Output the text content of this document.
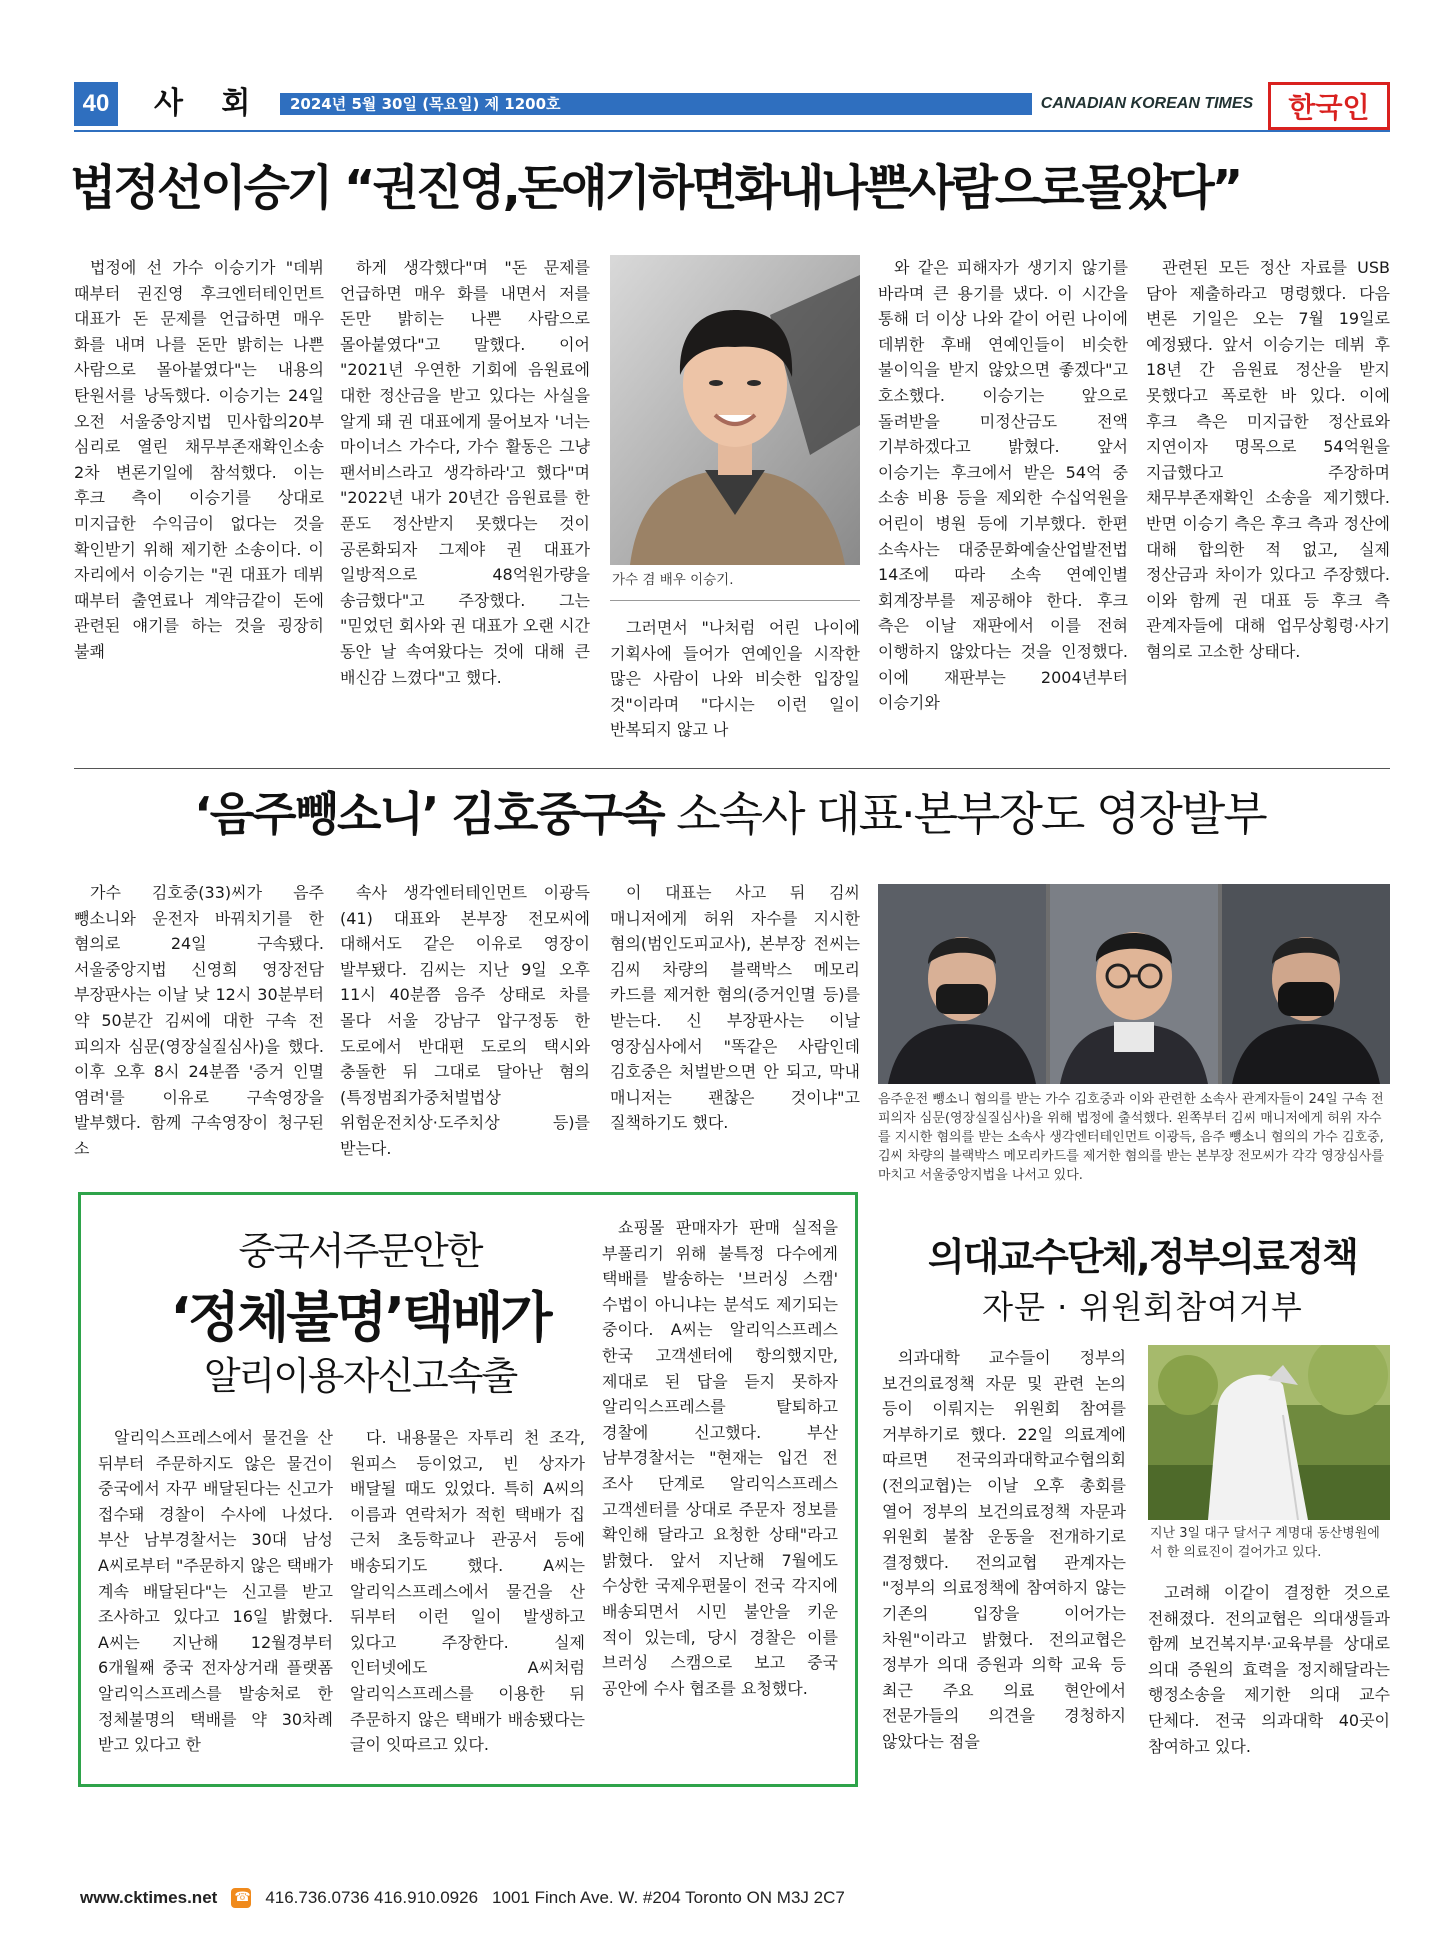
40 사 회	2024년 5월 30일 (목요일) 제 1200호	CANADIAN KOREAN TIMES	한국인
법정선이승기 “권진영,돈얘기하면화내나쁜사람으로몰았다”
법정에 선 가수 이승기가 "데뷔 때부터 권진영 후크엔터테인먼트 대표가 돈 문제를 언급하면 매우 화를 내며 나를 돈만 밝히는 나쁜 사람으로 몰아붙였다"는 내용의 탄원서를 낭독했다. 이승기는 24일 오전 서울중앙지법 민사합의20부 심리로 열린 채무부존재확인소송 2차 변론기일에 참석했다. 이는 후크 측이 이승기를 상대로 미지급한 수익금이 없다는 것을 확인받기 위해 제기한 소송이다. 이 자리에서 이승기는 "권 대표가 데뷔 때부터 출연료나 계약금같이 돈에 관련된 얘기를 하는 것을 굉장히 불쾌
하게 생각했다"며 "돈 문제를 언급하면 매우 화를 내면서 저를 돈만 밝히는 나쁜 사람으로 몰아붙였다"고 말했다. 이어 "2021년 우연한 기회에 음원료에 대한 정산금을 받고 있다는 사실을 알게 돼 권 대표에게 물어보자 '너는 마이너스 가수다, 가수 활동은 그냥 팬서비스라고 생각하라'고 했다"며 "2022년 내가 20년간 음원료를 한 푼도 정산받지 못했다는 것이 공론화되자 그제야 권 대표가 일방적으로 48억원가량을 송금했다"고 주장했다. 그는 "믿었던 회사와 권 대표가 오랜 시간 동안 날 속여왔다는 것에 대해 큰 배신감 느꼈다"고 했다.
가수 겸 배우 이승기.
그러면서 "나처럼 어린 나이에 기획사에 들어가 연예인을 시작한 많은 사람이 나와 비슷한 입장일 것"이라며 "다시는 이런 일이 반복되지 않고 나
와 같은 피해자가 생기지 않기를 바라며 큰 용기를 냈다. 이 시간을 통해 더 이상 나와 같이 어린 나이에 데뷔한 후배 연예인들이 비슷한 불이익을 받지 않았으면 좋겠다"고 호소했다. 이승기는 앞으로 돌려받을 미정산금도 전액 기부하겠다고 밝혔다. 앞서 이승기는 후크에서 받은 54억 중 소송 비용 등을 제외한 수십억원을 어린이 병원 등에 기부했다. 한편 소속사는 대중문화예술산업발전법 14조에 따라 소속 연예인별 회계장부를 제공해야 한다. 후크 측은 이날 재판에서 이를 전혀 이행하지 않았다는 것을 인정했다. 이에 재판부는 2004년부터 이승기와
관련된 모든 정산 자료를 USB 담아 제출하라고 명령했다. 다음 변론 기일은 오는 7월 19일로 예정됐다. 앞서 이승기는 데뷔 후 18년 간 음원료 정산을 받지 못했다고 폭로한 바 있다. 이에 후크 측은 미지급한 정산료와 지연이자 명목으로 54억원을 지급했다고 주장하며 채무부존재확인 소송을 제기했다. 반면 이승기 측은 후크 측과 정산에 대해 합의한 적 없고, 실제 정산금과 차이가 있다고 주장했다. 이와 함께 권 대표 등 후크 측 관계자들에 대해 업무상횡령·사기 혐의로 고소한 상태다.
‘음주뺑소니’ 김호중구속 소속사 대표·본부장도 영장발부
가수 김호중(33)씨가 음주 뺑소니와 운전자 바꿔치기를 한 혐의로 24일 구속됐다. 서울중앙지법 신영희 영장전담 부장판사는 이날 낮 12시 30분부터 약 50분간 김씨에 대한 구속 전 피의자 심문(영장실질심사)을 했다. 이후 오후 8시 24분쯤 '증거 인멸 염려'를 이유로 구속영장을 발부했다. 함께 구속영장이 청구된 소
속사 생각엔터테인먼트 이광득(41) 대표와 본부장 전모씨에 대해서도 같은 이유로 영장이 발부됐다. 김씨는 지난 9일 오후 11시 40분쯤 음주 상태로 차를 몰다 서울 강남구 압구정동 한 도로에서 반대편 도로의 택시와 충돌한 뒤 그대로 달아난 혐의(특정범죄가중처벌법상 위험운전치상·도주치상 등)를 받는다.
이 대표는 사고 뒤 김씨 매니저에게 허위 자수를 지시한 혐의(범인도피교사), 본부장 전씨는 김씨 차량의 블랙박스 메모리 카드를 제거한 혐의(증거인멸 등)를 받는다. 신 부장판사는 이날 영장심사에서 "똑같은 사람인데 김호중은 처벌받으면 안 되고, 막내 매니저는 괜찮은 것이냐"고 질책하기도 했다.
음주운전 뺑소니 혐의를 받는 가수 김호중과 이와 관련한 소속사 관계자들이 24일 구속 전 피의자 심문(영장실질심사)을 위해 법정에 출석했다. 왼쪽부터 김씨 매니저에게 허위 자수를 지시한 혐의를 받는 소속사 생각엔터테인먼트 이광득, 음주 뺑소니 혐의의 가수 김호중, 김씨 차량의 블랙박스 메모리카드를 제거한 혐의를 받는 본부장 전모씨가 각각 영장심사를 마치고 서울중앙지법을 나서고 있다.
중국서주문안한
‘정체불명’택배가
알리이용자신고속출
알리익스프레스에서 물건을 산 뒤부터 주문하지도 않은 물건이 중국에서 자꾸 배달된다는 신고가 접수돼 경찰이 수사에 나섰다. 부산 남부경찰서는 30대 남성 A씨로부터 "주문하지 않은 택배가 계속 배달된다"는 신고를 받고 조사하고 있다고 16일 밝혔다. A씨는 지난해 12월경부터 6개월째 중국 전자상거래 플랫폼 알리익스프레스를 발송처로 한 정체불명의 택배를 약 30차례 받고 있다고 한
다. 내용물은 자투리 천 조각, 원피스 등이었고, 빈 상자가 배달될 때도 있었다. 특히 A씨의 이름과 연락처가 적힌 택배가 집 근처 초등학교나 관공서 등에 배송되기도 했다. A씨는 알리익스프레스에서 물건을 산 뒤부터 이런 일이 발생하고 있다고 주장한다. 실제 인터넷에도 A씨처럼 알리익스프레스를 이용한 뒤 주문하지 않은 택배가 배송됐다는 글이 잇따르고 있다.
쇼핑몰 판매자가 판매 실적을 부풀리기 위해 불특정 다수에게 택배를 발송하는 '브러싱 스캠' 수법이 아니냐는 분석도 제기되는 중이다. A씨는 알리익스프레스 한국 고객센터에 항의했지만, 제대로 된 답을 듣지 못하자 알리익스프레스를 탈퇴하고 경찰에 신고했다. 부산 남부경찰서는 "현재는 입건 전 조사 단계로 알리익스프레스 고객센터를 상대로 주문자 정보를 확인해 달라고 요청한 상태"라고 밝혔다. 앞서 지난해 7월에도 수상한 국제우편물이 전국 각지에 배송되면서 시민 불안을 키운 적이 있는데, 당시 경찰은 이를 브러싱 스캠으로 보고 중국 공안에 수사 협조를 요청했다.
의대교수단체,정부의료정책
자문 · 위원회참여거부
의과대학 교수들이 정부의 보건의료정책 자문 및 관련 논의 등이 이뤄지는 위원회 참여를 거부하기로 했다. 22일 의료계에 따르면 전국의과대학교수협의회(전의교협)는 이날 오후 총회를 열어 정부의 보건의료정책 자문과 위원회 불참 운동을 전개하기로 결정했다. 전의교협 관계자는 "정부의 의료정책에 참여하지 않는 기존의 입장을 이어가는 차원"이라고 밝혔다. 전의교협은 정부가 의대 증원과 의학 교육 등 최근 주요 의료 현안에서 전문가들의 의견을 경청하지 않았다는 점을
지난 3일 대구 달서구 계명대 동산병원에서 한 의료진이 걸어가고 있다.
고려해 이같이 결정한 것으로 전해졌다. 전의교협은 의대생들과 함께 보건복지부·교육부를 상대로 의대 증원의 효력을 정지해달라는 행정소송을 제기한 의대 교수 단체다. 전국 의과대학 40곳이 참여하고 있다.
www.cktimes.net
☎	416.736.0736 416.910.0926 1001 Finch Ave. W. #204 Toronto ON M3J 2C7
